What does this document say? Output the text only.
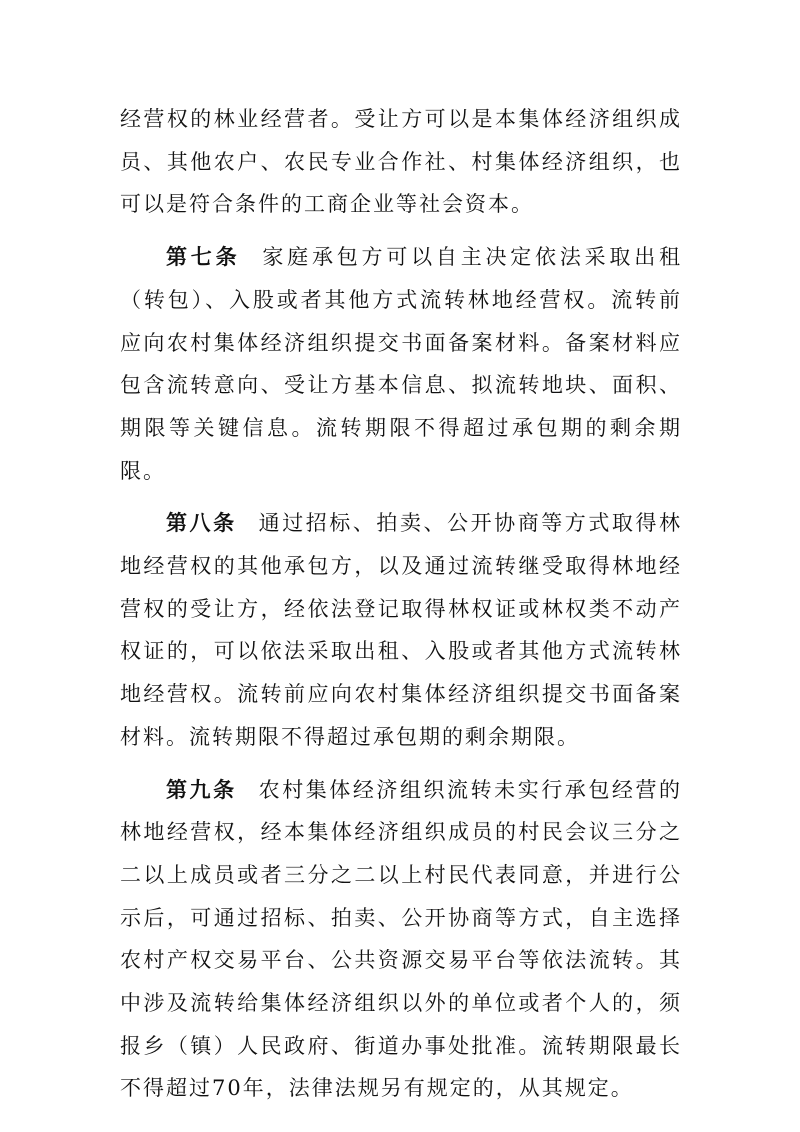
经营权的林业经营者。受让方可以是本集体经济组织成员、其他农户、农民专业合作社、村集体经济组织，也可以是符合条件的工商企业等社会资本。

第七条 家庭承包方可以自主决定依法采取出租（转包）、入股或者其他方式流转林地经营权。流转前应向农村集体经济组织提交书面备案材料。备案材料应包含流转意向、受让方基本信息、拟流转地块、面积、期限等关键信息。流转期限不得超过承包期的剩余期限。

第八条 通过招标、拍卖、公开协商等方式取得林地经营权的其他承包方，以及通过流转继受取得林地经营权的受让方，经依法登记取得林权证或林权类不动产权证的，可以依法采取出租、入股或者其他方式流转林地经营权。流转前应向农村集体经济组织提交书面备案材料。流转期限不得超过承包期的剩余期限。

第九条 农村集体经济组织流转未实行承包经营的林地经营权，经本集体经济组织成员的村民会议三分之二以上成员或者三分之二以上村民代表同意，并进行公示后，可通过招标、拍卖、公开协商等方式，自主选择农村产权交易平台、公共资源交易平台等依法流转。其中涉及流转给集体经济组织以外的单位或者个人的，须报乡（镇）人民政府、街道办事处批准。流转期限最长不得超过70年，法律法规另有规定的，从其规定。
